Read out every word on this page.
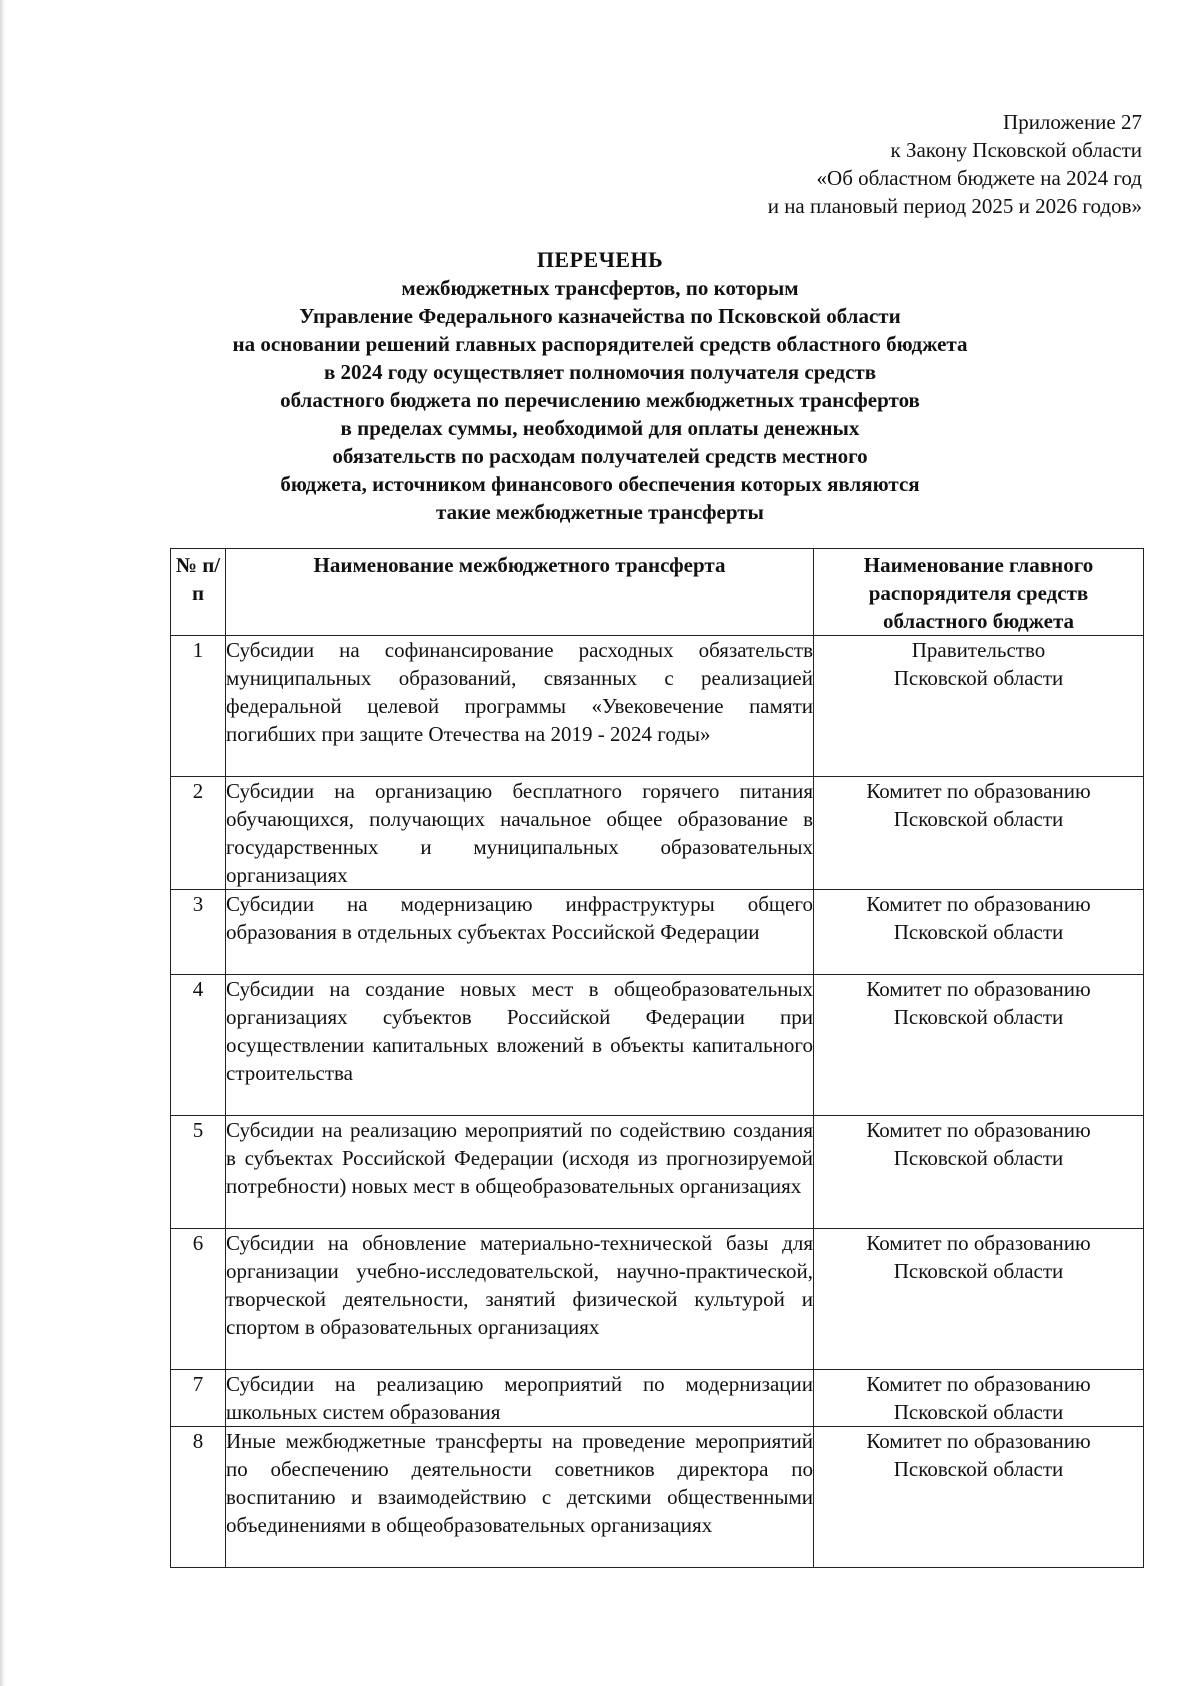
Приложение 27
к Закону Псковской области
«Об областном бюджете на 2024 год
и на плановый период 2025 и 2026 годов»
ПЕРЕЧЕНЬ
межбюджетных трансфертов, по которым
Управление Федерального казначейства по Псковской области
на основании решений главных распорядителей средств областного бюджета
в 2024 году осуществляет полномочия получателя средств
областного бюджета по перечислению межбюджетных трансфертов
в пределах суммы, необходимой для оплаты денежных
обязательств по расходам получателей средств местного
бюджета, источником финансового обеспечения которых являются
такие межбюджетные трансферты
№ п/п	Наименование межбюджетного трансферта	Наименование главного распорядителя средств областного бюджета
1	Субсидии на софинансирование расходных обязательств муниципальных образований, связанных с реализацией федеральной целевой программы «Увековечение памяти погибших при защите Отечества на 2019 - 2024 годы»	Правительство
Псковской области

2	Субсидии на организацию бесплатного горячего питания обучающихся, получающих начальное общее образование в государственных и муниципальных образовательных организациях	Комитет по образованию
Псковской области

3	Субсидии на модернизацию инфраструктуры общего образования в отдельных субъектах Российской Федерации	Комитет по образованию
Псковской области

4	Субсидии на создание новых мест в общеобразовательных организациях субъектов Российской Федерации при осуществлении капитальных вложений в объекты капитального строительства	Комитет по образованию
Псковской области

5	Субсидии на реализацию мероприятий по содействию создания в субъектах Российской Федерации (исходя из прогнозируемой потребности) новых мест в общеобразовательных организациях	Комитет по образованию
Псковской области

6	Субсидии на обновление материально-технической базы для организации учебно-исследовательской, научно-практической, творческой деятельности, занятий физической культурой и спортом в образовательных организациях	Комитет по образованию
Псковской области

7	Субсидии на реализацию мероприятий по модернизации школьных систем образования	Комитет по образованию
Псковской области

8	Иные межбюджетные трансферты на проведение мероприятий по обеспечению деятельности советников директора по воспитанию и взаимодействию с детскими общественными объединениями в общеобразовательных организациях	Комитет по образованию
Псковской области
